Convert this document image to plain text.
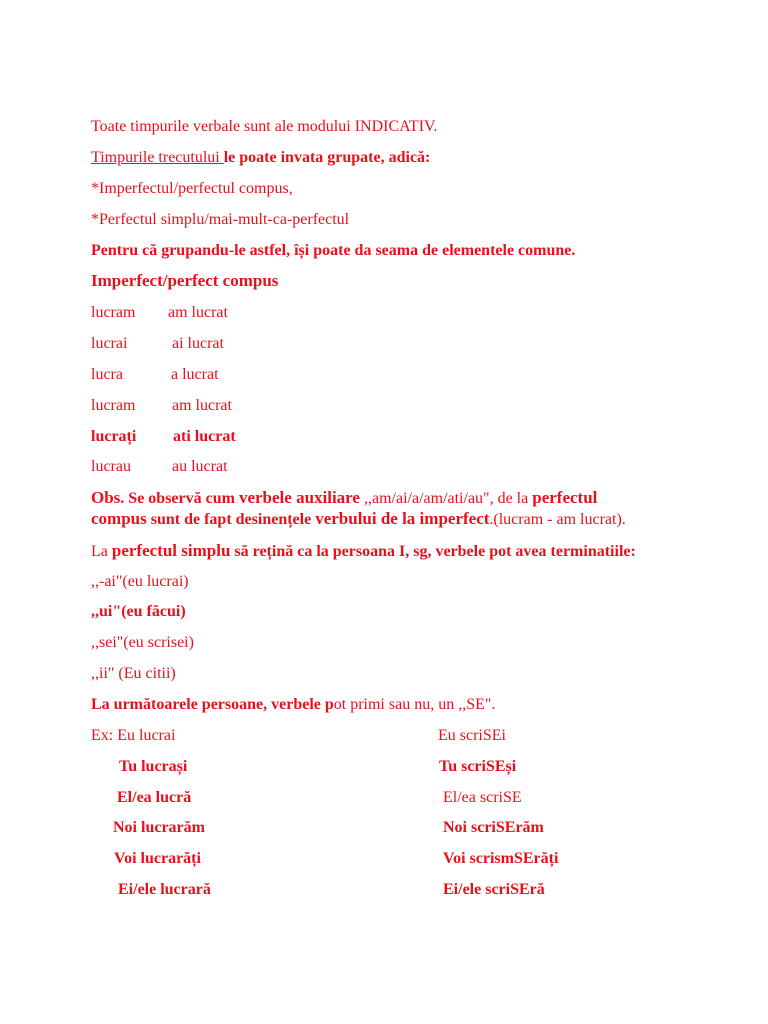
Toate timpurile verbale sunt ale modului INDICATIV.
Timpurile trecutului le poate invata grupate, adică:
*Imperfectul/perfectul compus,
*Perfectul simplu/mai-mult-ca-perfectul
Pentru că grupandu-le astfel, își poate da seama de elementele comune.
Imperfect/perfect compus
lucram am lucrat
lucrai	ai lucrat
lucra	a lucrat
lucram am lucrat
lucrați ati lucrat
lucrau	au lucrat
Obs. Se observă cum verbele auxiliare ,,am/ai/a/am/ati/au", de la perfectul
compus sunt de fapt desinențele verbului de la imperfect.(lucram - am lucrat).
La perfectul simplu să rețină ca la persoana I, sg, verbele pot avea terminatiile:
,,-ai"(eu lucrai)
,,ui"(eu făcui)
,,sei"(eu scrisei)
,,ii" (Eu citii)
La următoarele persoane, verbele pot primi sau nu, un ,,SE".
Ex: Eu lucrai	Eu scriSEi
Tu lucrași	Tu scriSEși
El/ea lucră	El/ea scriSE
Noi lucrarăm	Noi scriSErăm
Voi lucrarăți	Voi scrismSErăți
Ei/ele lucrară	Ei/ele scriSEră
